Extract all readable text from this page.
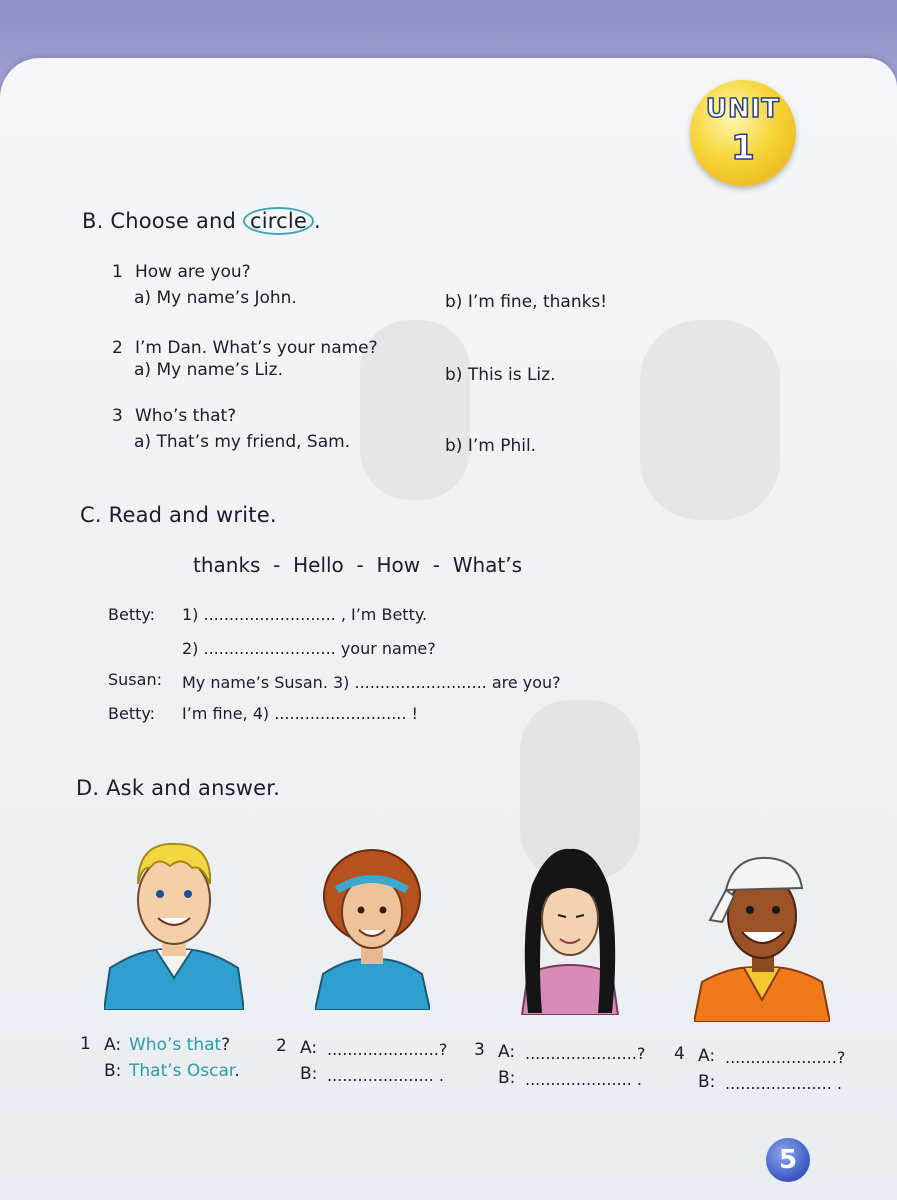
UNIT
1
B. Choose and circle .
1 How are you?
a) My name’s John.	b) I’m fine, thanks!
2 I’m Dan. What’s your name?
a) My name’s Liz.	b) This is Liz.
3 Who’s that?
a) That’s my friend, Sam.	b) I’m Phil.
C. Read and write.
thanks  -  Hello  -  How  -  What’s
Betty: 1) .......................... , I’m Betty.
2) .......................... your name?
Susan: My name’s Susan. 3) .......................... are you?
Betty: I’m fine, 4) .......................... !
D. Ask and answer.
1 A: Who’s that?
B: That’s Oscar.
2 A: ......................?
B: ..................... .
3 A: ......................?
B: ..................... .
4 A: ......................?
B: ..................... .
5
